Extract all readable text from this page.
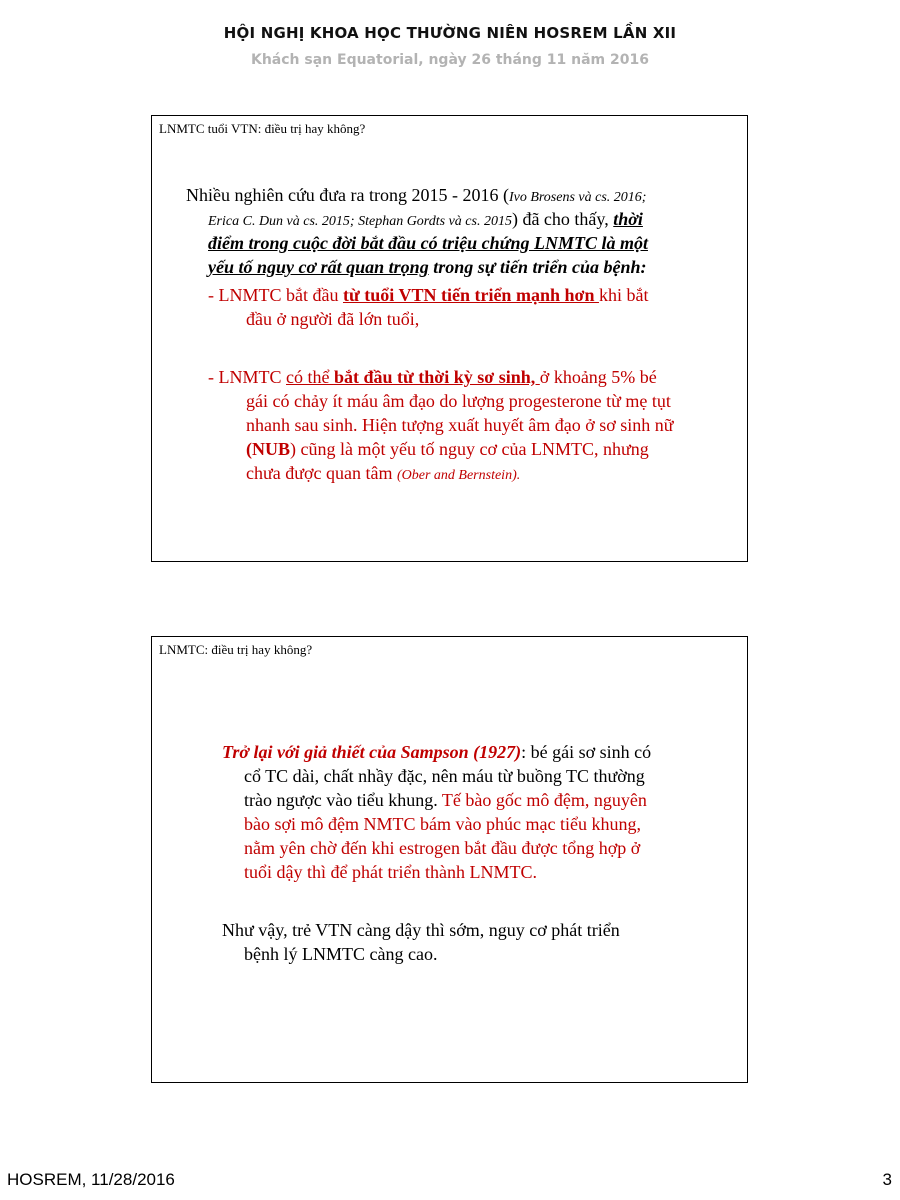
HỘI NGHỊ KHOA HỌC THƯỜNG NIÊN HOSREM LẦN XII
Khách sạn Equatorial, ngày 26 tháng 11 năm 2016
LNMTC tuổi VTN: điều trị hay không?
Nhiều nghiên cứu đưa ra trong 2015 - 2016 (Ivo Brosens và cs. 2016;
Erica C. Dun và cs. 2015; Stephan Gordts và cs. 2015) đã cho thấy, thời
điểm trong cuộc đời bắt đầu có triệu chứng LNMTC là một
yếu tố nguy cơ rất quan trọng trong sự tiến triển của bệnh:
- LNMTC bắt đầu từ tuổi VTN tiến triển mạnh hơn khi bắt
đầu ở người đã lớn tuổi,
- LNMTC có thể bắt đầu từ thời kỳ sơ sinh, ở khoảng 5% bé
gái có chảy ít máu âm đạo do lượng progesterone từ mẹ tụt
nhanh sau sinh. Hiện tượng xuất huyết âm đạo ở sơ sinh nữ
(NUB) cũng là một yếu tố nguy cơ của LNMTC, nhưng
chưa được quan tâm (Ober and Bernstein).
LNMTC: điều trị hay không?
Trở lại với giả thiết của Sampson (1927): bé gái sơ sinh có
cổ TC dài, chất nhầy đặc, nên máu từ buồng TC thường
trào ngược vào tiểu khung. Tế bào gốc mô đệm, nguyên
bào sợi mô đệm NMTC bám vào phúc mạc tiểu khung,
nằm yên chờ đến khi estrogen bắt đầu được tổng hợp ở
tuổi dậy thì để phát triển thành LNMTC.
Như vậy, trẻ VTN càng dậy thì sớm, nguy cơ phát triển
bệnh lý LNMTC càng cao.
HOSREM, 11/28/2016	3
